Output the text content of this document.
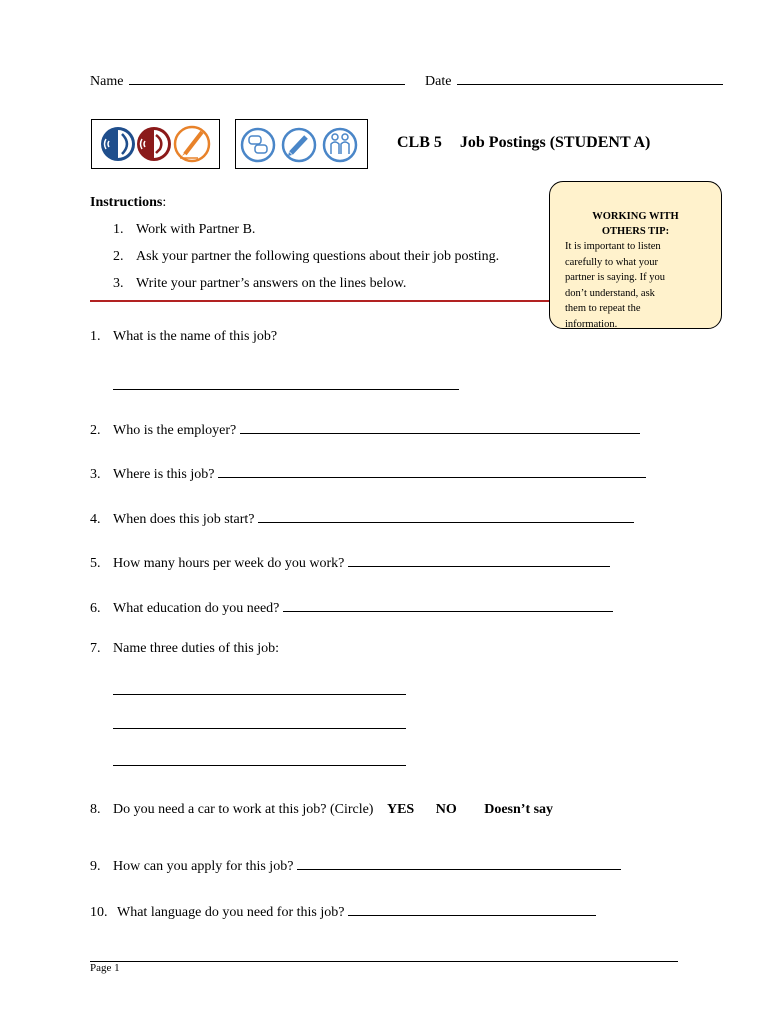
Name	Date
CLB 5 Job Postings (STUDENT A)
WORKING WITH
OTHERS TIP:
It is important to listen
carefully to what your
partner is saying. If you
don’t understand, ask
them to repeat the
information.
Instructions:
1. Work with Partner B.
2. Ask your partner the following questions about their job posting.
3. Write your partner’s answers on the lines below.
1. What is the name of this job?
2. Who is the employer?
3. Where is this job?
4. When does this job start?
5. How many hours per week do you work?
6. What education do you need?
7. Name three duties of this job:
8. Do you need a car to work at this job? (Circle) YES NO Doesn’t say
9. How can you apply for this job?
10. What language do you need for this job?
Page 1
